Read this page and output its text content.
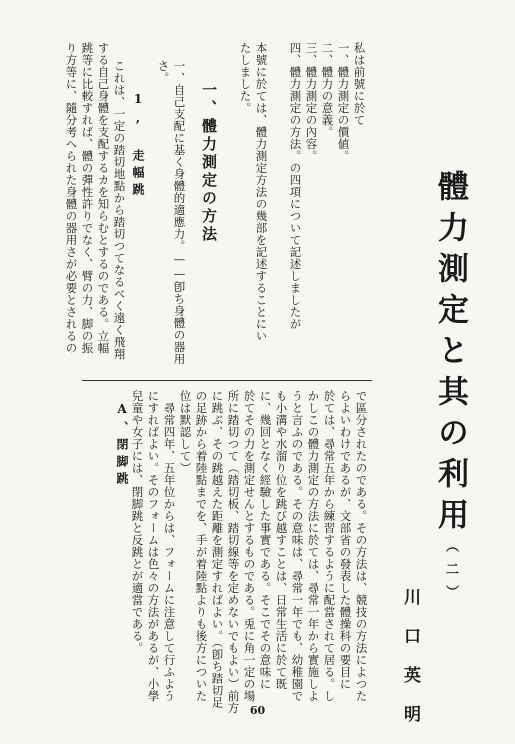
體力測定と其の利用（二）
川口英明
私は前號に於て
一、體力測定の價値。
二、體力の意義。
三、體力測定の內容。
四、體力測定の方法。の四項について記述しましたが
本號に於ては、體力測定方法の幾部を記述することにい
たしました。
一、體力測定の方法
一、自己支配に基く身體的適應力。——卽ち身體の器用
さ。
1, 走幅跳
これは、一定の踏切地點から踏切つてなるべく遠く飛翔
する自己身體を支配するカを知らむとするのである。立幅
跳等に比較すれば、體の彈性許りでなく、臂の力、脚の振
り方等に、隨分考へられた身體の器用さが必要とされるの
で區分されたのである。その方法は、競技の方法によつた
らよいわけであるが、文部省の發表した體操科の要目に
於ては、尋常五年から練習するように配當されて居る。し
かしこの體力測定の方法に於ては、尋常一年から實施しよ
うと言ふのである。その意味は、尋常一年でも、幼稚園で
も小溝や水溜り位を跳び越すことは、日常生活に於て既
に、幾回となく經驗した事實である。そこでその意味に
於てその力を測定せんとするものである。兎に角一定の場
所に踏切つて（踏切板、踏切線等を定めないでもよい）前方
に跳ぶ、その跳越えた距離を測定すればよい。（卽ち踏切足
の足跡から着陸點までを、手が着陸點よりも後方についた
位は默認して）
尋常四年、五年位からは、フォームに注意して行ふよう
にすればよい。そのフォームは色々の方法があるが、小學
兒童や女子には、閉脚跳と反跳とが適當である。
A、閉脚跳
60
